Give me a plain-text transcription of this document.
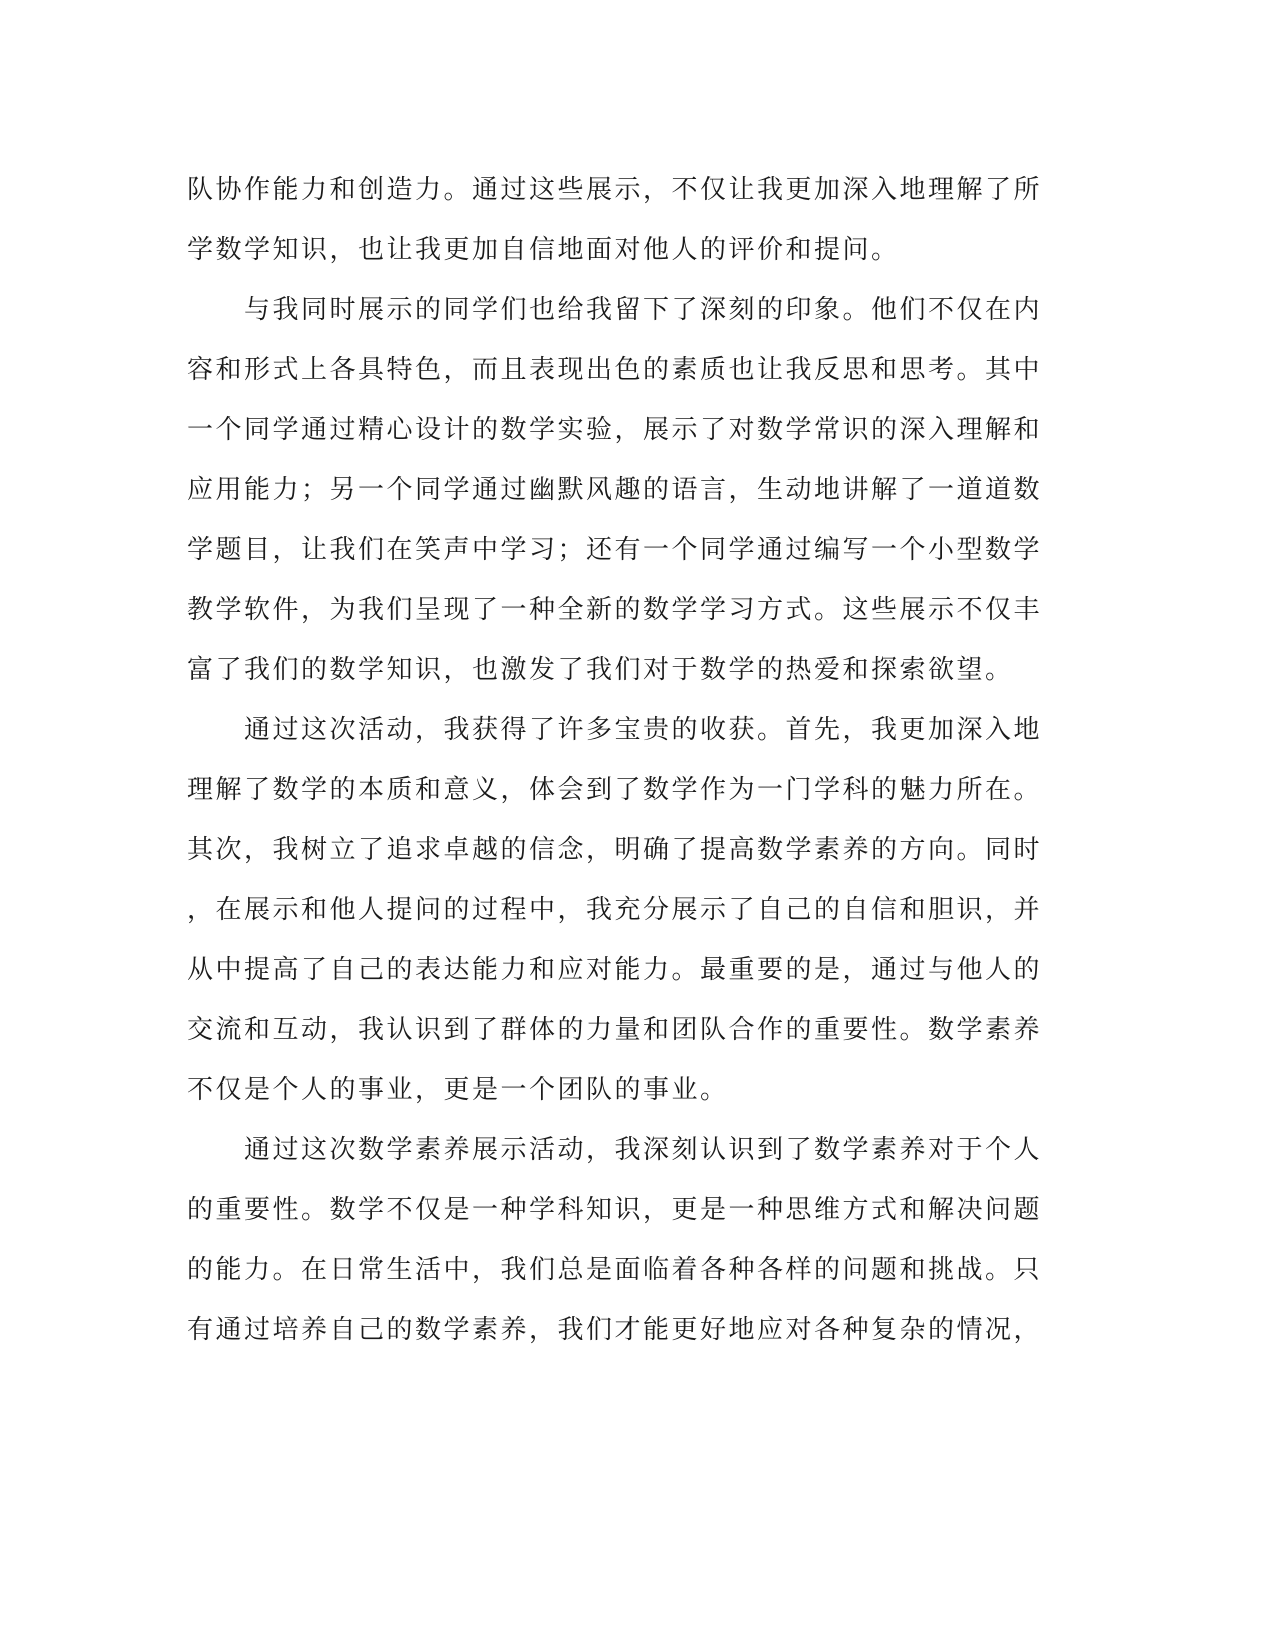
队协作能力和创造力。通过这些展示，不仅让我更加深入地理解了所
学数学知识，也让我更加自信地面对他人的评价和提问。
　　与我同时展示的同学们也给我留下了深刻的印象。他们不仅在内
容和形式上各具特色，而且表现出色的素质也让我反思和思考。其中
一个同学通过精心设计的数学实验，展示了对数学常识的深入理解和
应用能力；另一个同学通过幽默风趣的语言，生动地讲解了一道道数
学题目，让我们在笑声中学习；还有一个同学通过编写一个小型数学
教学软件，为我们呈现了一种全新的数学学习方式。这些展示不仅丰
富了我们的数学知识，也激发了我们对于数学的热爱和探索欲望。
　　通过这次活动，我获得了许多宝贵的收获。首先，我更加深入地
理解了数学的本质和意义，体会到了数学作为一门学科的魅力所在。
其次，我树立了追求卓越的信念，明确了提高数学素养的方向。同时
，在展示和他人提问的过程中，我充分展示了自己的自信和胆识，并
从中提高了自己的表达能力和应对能力。最重要的是，通过与他人的
交流和互动，我认识到了群体的力量和团队合作的重要性。数学素养
不仅是个人的事业，更是一个团队的事业。
　　通过这次数学素养展示活动，我深刻认识到了数学素养对于个人
的重要性。数学不仅是一种学科知识，更是一种思维方式和解决问题
的能力。在日常生活中，我们总是面临着各种各样的问题和挑战。只
有通过培养自己的数学素养，我们才能更好地应对各种复杂的情况，
